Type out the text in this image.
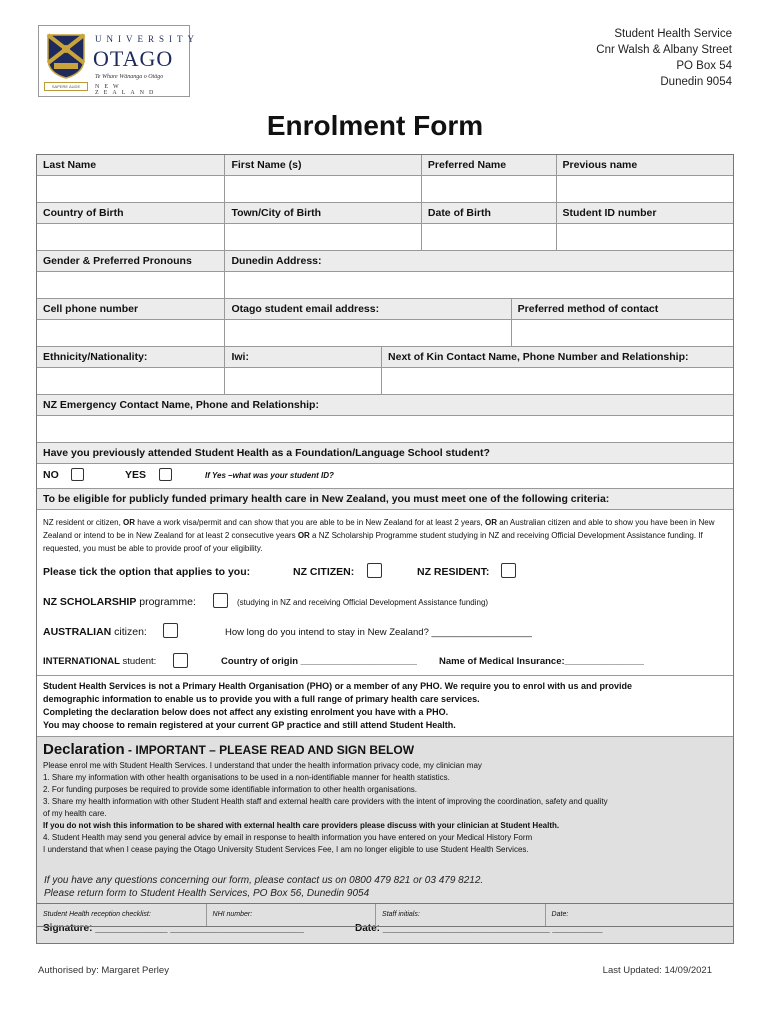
SAPERE AUDE
UNIVERSITY
OTAGO
Te Whare Wānanga o Otāgo
NEW ZEALAND
Student Health Service
Cnr Walsh & Albany Street
PO Box 54
Dunedin 9054
Enrolment Form
Last Name	First Name (s)	Preferred Name	Previous name
Country of Birth	Town/City of Birth	Date of Birth	Student ID number
Gender & Preferred Pronouns	Dunedin Address:
Cell phone number	Otago student email address:	Preferred method of contact
Ethnicity/Nationality:	Iwi:	Next of Kin Contact Name, Phone Number and Relationship:
NZ Emergency Contact Name, Phone and Relationship:
Have you previously attended Student Health as a Foundation/Language School student?
NO	YES	If Yes –what was your student ID?
To be eligible for publicly funded primary health care in New Zealand, you must meet one of the following criteria:
NZ resident or citizen, OR have a work visa/permit and can show that you are able to be in New Zealand for at least 2 years, OR an Australian citizen and able to show you have been in New Zealand or intend to be in New Zealand for at least 2 consecutive years OR a NZ Scholarship Programme student studying in NZ and receiving Official Development Assistance funding. If requested, you must be able to provide proof of your eligibility.
Please tick the option that applies to you:	NZ CITIZEN:	NZ RESIDENT:
NZ SCHOLARSHIP programme:	(studying in NZ and receiving Official Development Assistance funding)
AUSTRALIAN citizen:	How long do you intend to stay in New Zealand? ___________________
INTERNATIONAL student:	Country of origin ______________________ Name of Medical Insurance:_______________
Student Health Services is not a Primary Health Organisation (PHO) or a member of any PHO. We require you to enrol with us and provide
demographic information to enable us to provide you with a full range of primary health care services.
Completing the declaration below does not affect any existing enrolment you have with a PHO.
You may choose to remain registered at your current GP practice and still attend Student Health.
Declaration - IMPORTANT – PLEASE READ AND SIGN BELOW
Please enrol me with Student Health Services. I understand that under the health information privacy code, my clinician may
1. Share my information with other health organisations to be used in a non-identifiable manner for health statistics.
2. For funding purposes be required to provide some identifiable information to other health organisations.
3. Share my health information with other Student Health staff and external health care providers with the intent of improving the coordination, safety and quality
of my health care.
If you do not wish this information to be shared with external health care providers please discuss with your clinician at Student Health.
4. Student Health may send you general advice by email in response to health information you have entered on your Medical History Form
I understand that when I cease paying the Otago University Student Services Fee, I am no longer eligible to use Student Health Services.
Signature: _____________ ________________________	Date: ______________________________ _________
If you have any questions concerning our form, please contact us on 0800 479 821 or 03 479 8212.
Please return form to Student Health Services, PO Box 56, Dunedin 9054
Student Health reception checklist:	NHI number:	Staff initials:	Date:
Authorised by: Margaret Perley	Last Updated: 14/09/2021
